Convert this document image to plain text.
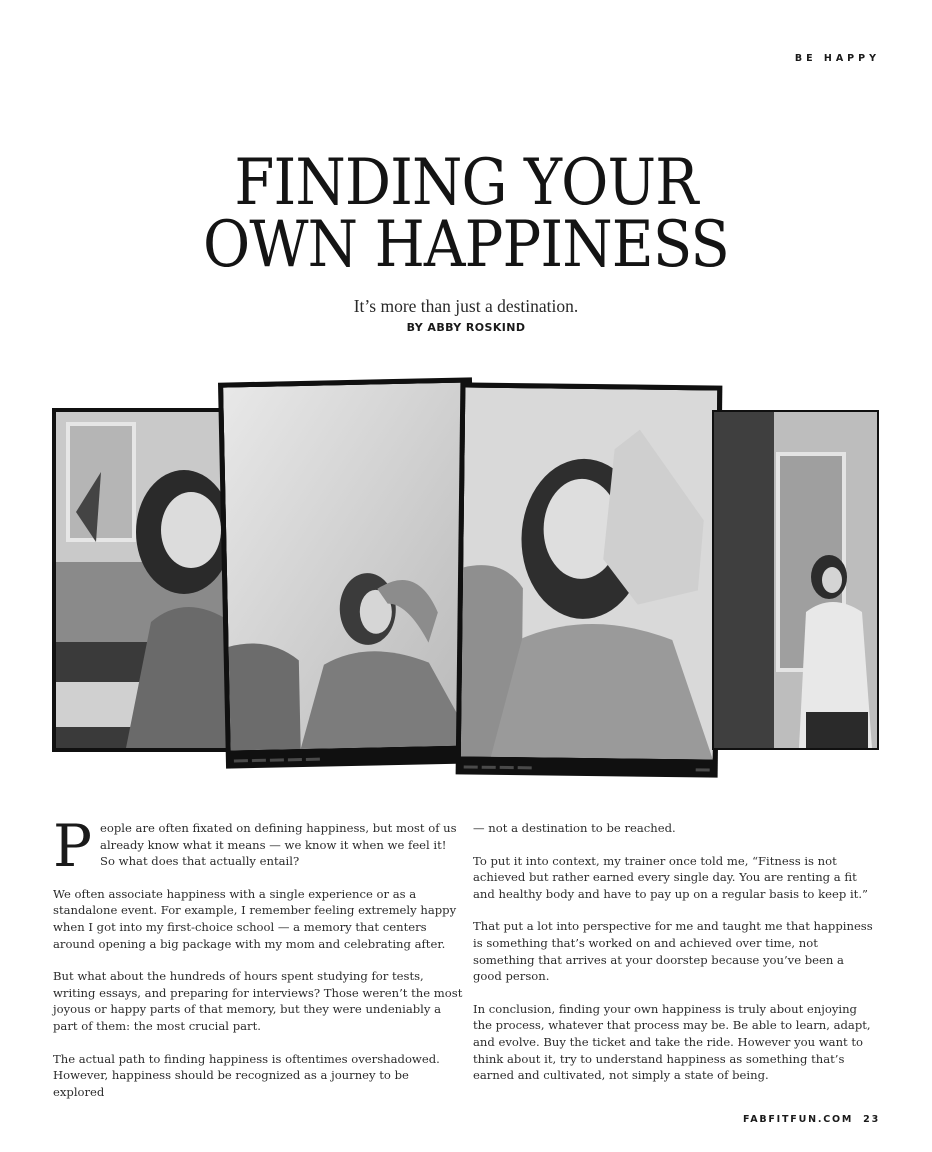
BE HAPPY
FINDING YOUR
OWN HAPPINESS
It’s more than just a destination.
BY ABBY ROSKIND

People are often fixated on defining happiness, but most of us already know what it means — we know it when we feel it! So what does that actually entail?

We often associate happiness with a single experience or as a standalone event. For example, I remember feeling extremely happy when I got into my first-choice school — a memory that centers around opening a big package with my mom and celebrating after.

But what about the hundreds of hours spent studying for tests, writing essays, and preparing for interviews? Those weren’t the most joyous or happy parts of that memory, but they were undeniably a part of them: the most crucial part.

The actual path to finding happiness is oftentimes overshadowed. However, happiness should be recognized as a journey to be explored

— not a destination to be reached.

To put it into context, my trainer once told me, “Fitness is not achieved but rather earned every single day. You are renting a fit and healthy body and have to pay up on a regular basis to keep it.”

That put a lot into perspective for me and taught me that happiness is something that’s worked on and achieved over time, not something that arrives at your doorstep because you’ve been a good person.

In conclusion, finding your own happiness is truly about enjoying the process, whatever that process may be. Be able to learn, adapt, and evolve. Buy the ticket and take the ride. However you want to think about it, try to understand happiness as something that’s earned and cultivated, not simply a state of being.

FABFITFUN.COM 23
